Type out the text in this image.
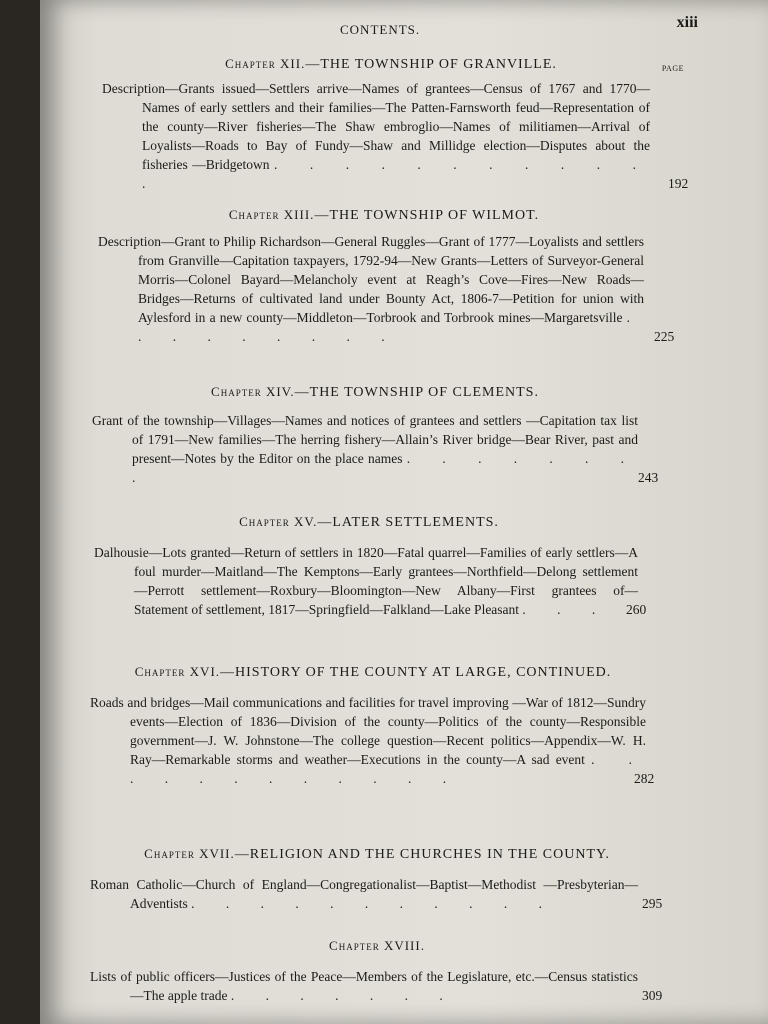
CONTENTS.	xiii
PAGE
Chapter XII.—THE TOWNSHIP OF GRANVILLE.
Description—Grants issued—Settlers arrive—Names of grantees—Census of 1767 and 1770—Names of early settlers and their families—The Patten-Farnsworth feud—Representation of the county—River fisheries—The Shaw embroglio—Names of militiamen—Arrival of Loyalists—Roads to Bay of Fundy—Shaw and Millidge election—Disputes about the fisheries —Bridgetown . . . . . . . . . . . .	192
Chapter XIII.—THE TOWNSHIP OF WILMOT.
Description—Grant to Philip Richardson—General Ruggles—Grant of 1777—Loyalists and settlers from Granville—Capitation taxpayers, 1792-94—New Grants—Letters of Surveyor-General Morris—Colonel Bayard—Melancholy event at Reagh’s Cove—Fires—New Roads—Bridges—Returns of cultivated land under Bounty Act, 1806-7—Petition for union with Aylesford in a new county—Middleton—Torbrook and Torbrook mines—Margaretsville . . . . . . . . .	225
Chapter XIV.—THE TOWNSHIP OF CLEMENTS.
Grant of the township—Villages—Names and notices of grantees and settlers —Capitation tax list of 1791—New families—The herring fishery—Allain’s River bridge—Bear River, past and present—Notes by the Editor on the place names . . . . . . . .	243
Chapter XV.—LATER SETTLEMENTS.
Dalhousie—Lots granted—Return of settlers in 1820—Fatal quarrel—Families of early settlers—A foul murder—Maitland—The Kemptons—Early grantees—Northfield—Delong settlement—Perrott settlement—Roxbury—Bloomington—New Albany—First grantees of—Statement of settlement, 1817—Springfield—Falkland—Lake Pleasant . . . 260
Chapter XVI.—HISTORY OF THE COUNTY AT LARGE, CONTINUED.
Roads and bridges—Mail communications and facilities for travel improving —War of 1812—Sundry events—Election of 1836—Division of the county—Politics of the county—Responsible government—J. W. Johnstone—The college question—Recent politics—Appendix—W. H. Ray—Remarkable storms and weather—Executions in the county—A sad event . . . . . . . . . . . .	282
Chapter XVII.—RELIGION AND THE CHURCHES IN THE COUNTY.
Roman Catholic—Church of England—Congregationalist—Baptist—Methodist —Presbyterian—Adventists . . . . . . . . . . .	295
Chapter XVIII.
Lists of public officers—Justices of the Peace—Members of the Legislature, etc.—Census statistics—The apple trade . . . . . . .	309
